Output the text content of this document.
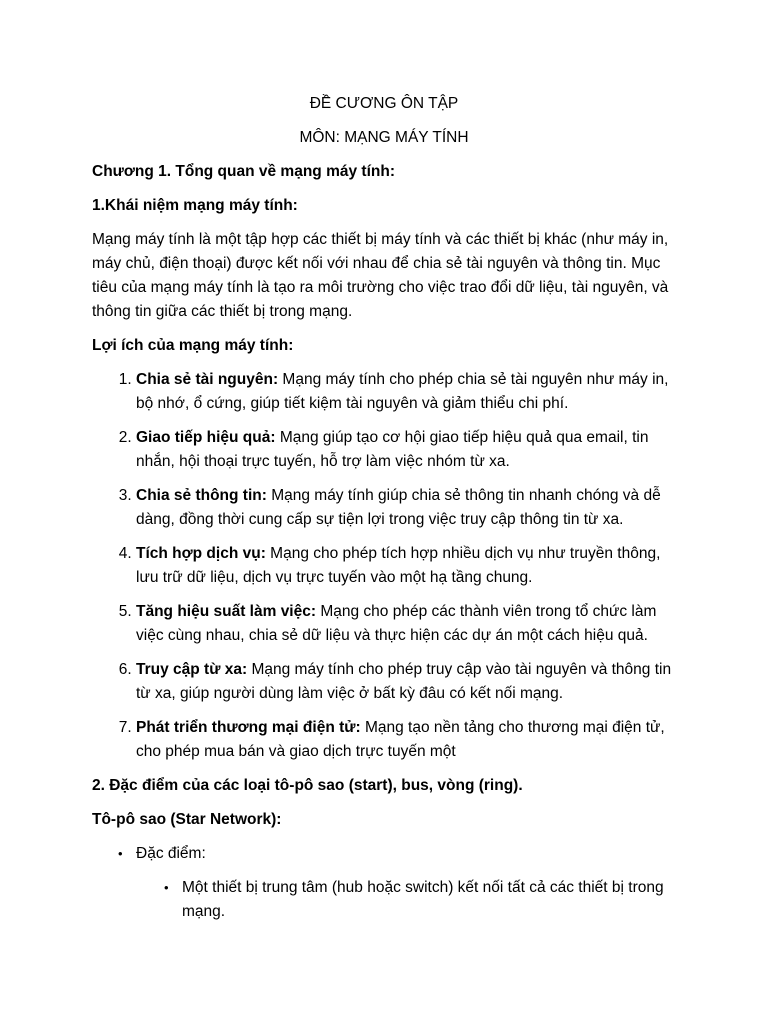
ĐỀ CƯƠNG ÔN TẬP

MÔN: MẠNG MÁY TÍNH

Chương 1. Tổng quan về mạng máy tính:

1.Khái niệm mạng máy tính:

Mạng máy tính là một tập hợp các thiết bị máy tính và các thiết bị khác (như máy in, máy chủ, điện thoại) được kết nối với nhau để chia sẻ tài nguyên và thông tin. Mục tiêu của mạng máy tính là tạo ra môi trường cho việc trao đổi dữ liệu, tài nguyên, và thông tin giữa các thiết bị trong mạng.

Lợi ích của mạng máy tính:

1. Chia sẻ tài nguyên: Mạng máy tính cho phép chia sẻ tài nguyên như máy in, bộ nhớ, ổ cứng, giúp tiết kiệm tài nguyên và giảm thiểu chi phí.
2. Giao tiếp hiệu quả: Mạng giúp tạo cơ hội giao tiếp hiệu quả qua email, tin nhắn, hội thoại trực tuyến, hỗ trợ làm việc nhóm từ xa.
3. Chia sẻ thông tin: Mạng máy tính giúp chia sẻ thông tin nhanh chóng và dễ dàng, đồng thời cung cấp sự tiện lợi trong việc truy cập thông tin từ xa.
4. Tích hợp dịch vụ: Mạng cho phép tích hợp nhiều dịch vụ như truyền thông, lưu trữ dữ liệu, dịch vụ trực tuyến vào một hạ tầng chung.
5. Tăng hiệu suất làm việc: Mạng cho phép các thành viên trong tổ chức làm việc cùng nhau, chia sẻ dữ liệu và thực hiện các dự án một cách hiệu quả.
6. Truy cập từ xa: Mạng máy tính cho phép truy cập vào tài nguyên và thông tin từ xa, giúp người dùng làm việc ở bất kỳ đâu có kết nối mạng.
7. Phát triển thương mại điện tử: Mạng tạo nền tảng cho thương mại điện tử, cho phép mua bán và giao dịch trực tuyến một

2. Đặc điểm của các loại tô-pô sao (start), bus, vòng (ring).

Tô-pô sao (Star Network):

• Đặc điểm:
• Một thiết bị trung tâm (hub hoặc switch) kết nối tất cả các thiết bị trong mạng.
